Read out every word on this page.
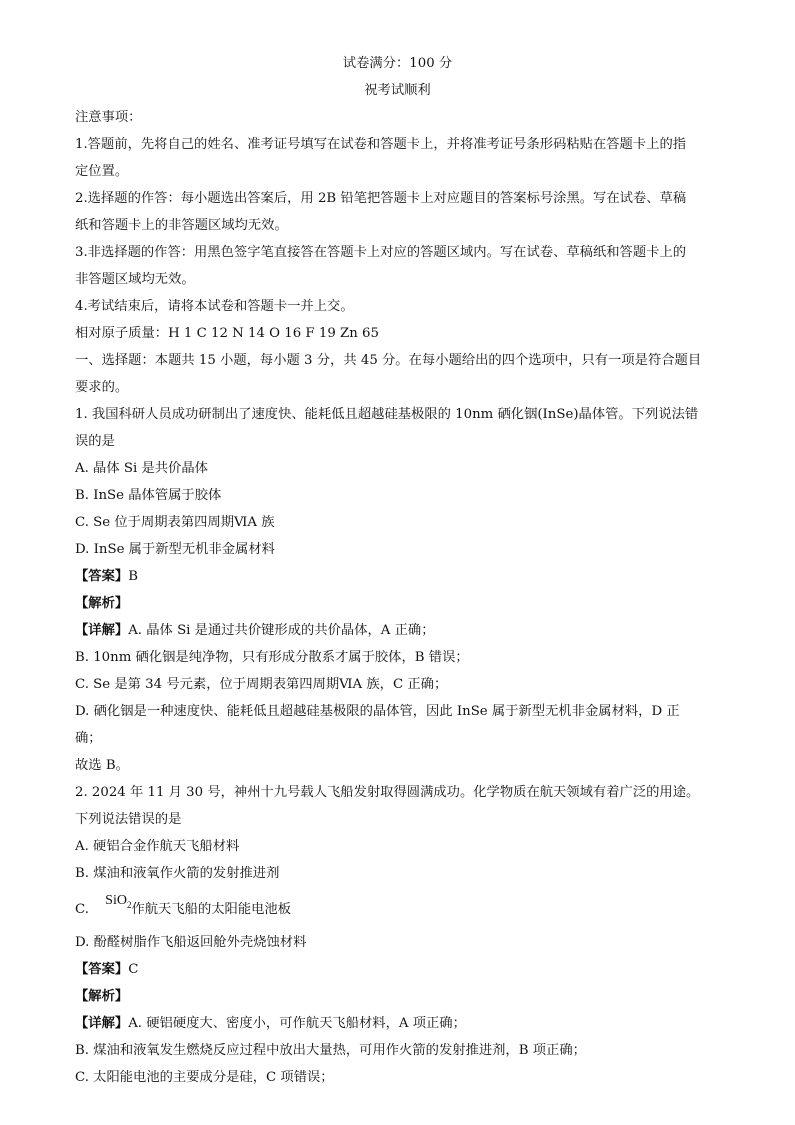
试卷满分：100 分
祝考试顺利
注意事项：
1.答题前，先将自己的姓名、准考证号填写在试卷和答题卡上，并将准考证号条形码粘贴在答题卡上的指
定位置。
2.选择题的作答：每小题选出答案后，用 2B 铅笔把答题卡上对应题目的答案标号涂黑。写在试卷、草稿
纸和答题卡上的非答题区域均无效。
3.非选择题的作答：用黑色签字笔直接答在答题卡上对应的答题区域内。写在试卷、草稿纸和答题卡上的
非答题区域均无效。
4.考试结束后，请将本试卷和答题卡一并上交。
相对原子质量：H 1 C 12 N 14 O 16 F 19 Zn 65
一、选择题：本题共 15 小题，每小题 3 分，共 45 分。在每小题给出的四个选项中，只有一项是符合题目
要求的。
1. 我国科研人员成功研制出了速度快、能耗低且超越硅基极限的 10nm 硒化铟(InSe)晶体管。下列说法错
误的是
A. 晶体 Si 是共价晶体
B. InSe 晶体管属于胶体
C. Se 位于周期表第四周期ⅥA 族
D. InSe 属于新型无机非金属材料
【答案】B
【解析】
【详解】A. 晶体 Si 是通过共价键形成的共价晶体，A 正确；
B. 10nm 硒化铟是纯净物，只有形成分散系才属于胶体，B 错误；
C. Se 是第 34 号元素，位于周期表第四周期ⅥA 族，C 正确；
D. 硒化铟是一种速度快、能耗低且超越硅基极限的晶体管，因此 InSe 属于新型无机非金属材料，D 正
确；
故选 B。
2. 2024 年 11 月 30 号，神州十九号载人飞船发射取得圆满成功。化学物质在航天领域有着广泛的用途。
下列说法错误的是
A. 硬铝合金作航天飞船材料
B. 煤油和液氧作火箭的发射推进剂
C. SiO$_2$作航天飞船的太阳能电池板
D. 酚醛树脂作飞船返回舱外壳烧蚀材料
【答案】C
【解析】
【详解】A. 硬铝硬度大、密度小，可作航天飞船材料，A 项正确；
B. 煤油和液氧发生燃烧反应过程中放出大量热，可用作火箭的发射推进剂，B 项正确；
C. 太阳能电池的主要成分是硅，C 项错误；
